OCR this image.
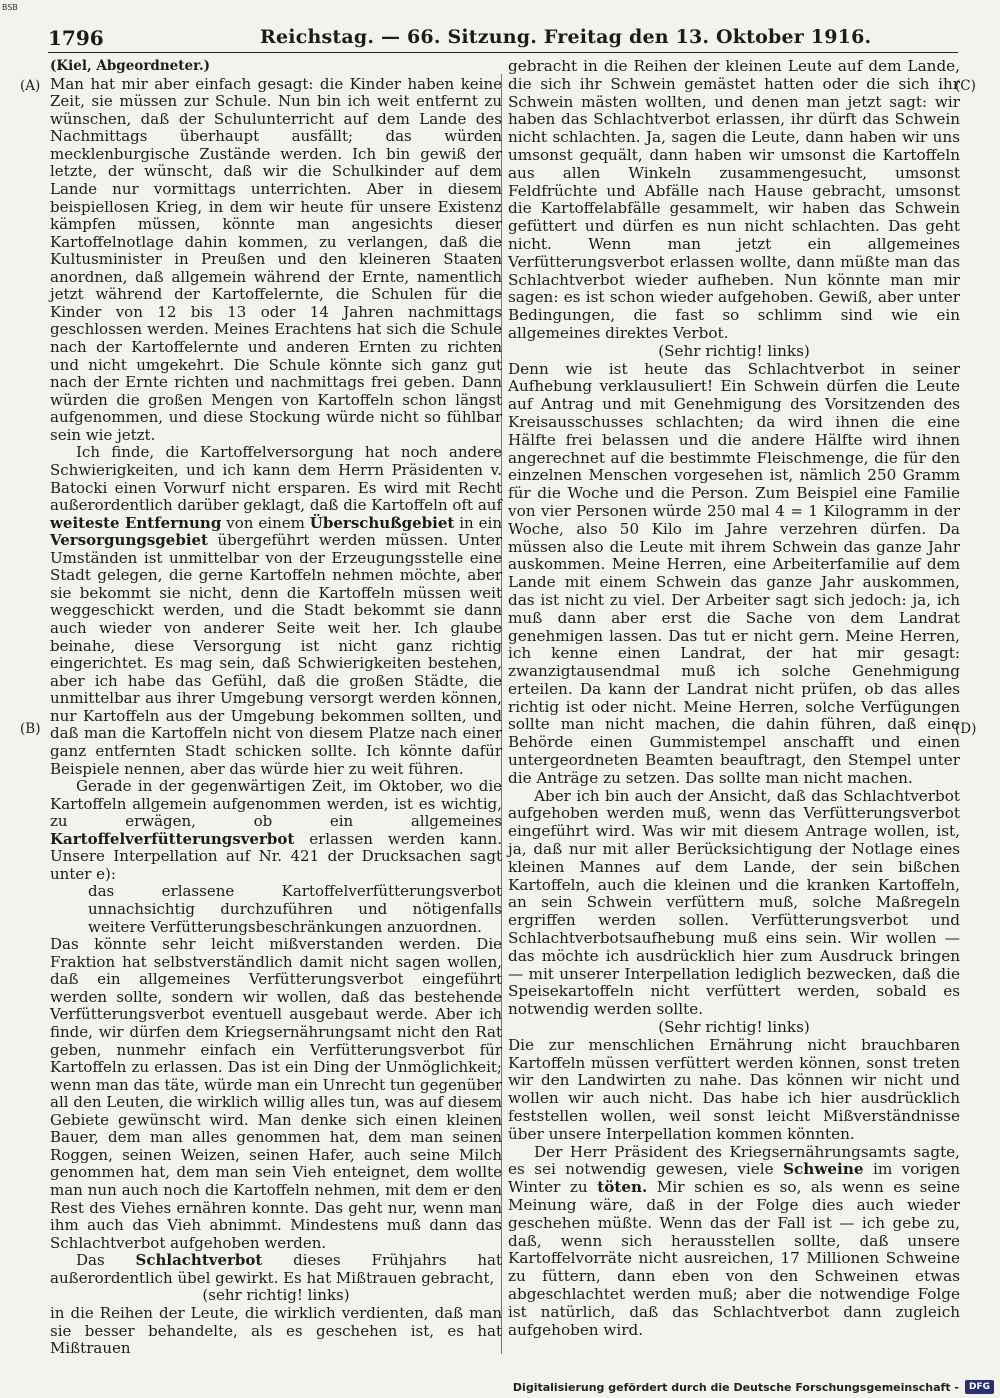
BSB
1796	Reichstag. — 66. Sitzung. Freitag den 13. Oktober 1916.
(A)
(B)
(C)
(D)

(Kiel, Abgeordneter.)

Man hat mir aber einfach gesagt: die Kinder haben keine Zeit, sie müssen zur Schule. Nun bin ich weit entfernt zu wünschen, daß der Schulunterricht auf dem Lande des Nachmittags überhaupt ausfällt; das würden mecklenburgische Zustände werden. Ich bin gewiß der letzte, der wünscht, daß wir die Schulkinder auf dem Lande nur vormittags unterrichten. Aber in diesem beispiellosen Krieg, in dem wir heute für unsere Existenz kämpfen müssen, könnte man angesichts dieser Kartoffelnotlage dahin kommen, zu verlangen, daß die Kultusminister in Preußen und den kleineren Staaten anordnen, daß allgemein während der Ernte, namentlich jetzt während der Kartoffelernte, die Schulen für die Kinder von 12 bis 13 oder 14 Jahren nachmittags geschlossen werden. Meines Erachtens hat sich die Schule nach der Kartoffelernte und anderen Ernten zu richten und nicht umgekehrt. Die Schule könnte sich ganz gut nach der Ernte richten und nachmittags frei geben. Dann würden die großen Mengen von Kartoffeln schon längst aufgenommen, und diese Stockung würde nicht so fühlbar sein wie jetzt.

Ich finde, die Kartoffelversorgung hat noch andere Schwierigkeiten, und ich kann dem Herrn Präsidenten v. Batocki einen Vorwurf nicht ersparen. Es wird mit Recht außerordentlich darüber geklagt, daß die Kartoffeln oft auf weiteste Entfernung von einem Überschußgebiet in ein Versorgungsgebiet übergeführt werden müssen. Unter Umständen ist unmittelbar von der Erzeugungsstelle eine Stadt gelegen, die gerne Kartoffeln nehmen möchte, aber sie bekommt sie nicht, denn die Kartoffeln müssen weit weggeschickt werden, und die Stadt bekommt sie dann auch wieder von anderer Seite weit her. Ich glaube beinahe, diese Versorgung ist nicht ganz richtig eingerichtet. Es mag sein, daß Schwierigkeiten bestehen, aber ich habe das Gefühl, daß die großen Städte, die unmittelbar aus ihrer Umgebung versorgt werden können, nur Kartoffeln aus der Umgebung bekommen sollten, und daß man die Kartoffeln nicht von diesem Platze nach einer ganz entfernten Stadt schicken sollte. Ich könnte dafür Beispiele nennen, aber das würde hier zu weit führen.

Gerade in der gegenwärtigen Zeit, im Oktober, wo die Kartoffeln allgemein aufgenommen werden, ist es wichtig, zu erwägen, ob ein allgemeines Kartoffelverfütterungsverbot erlassen werden kann. Unsere Interpellation auf Nr. 421 der Drucksachen sagt unter e):

das erlassene Kartoffelverfütterungsverbot unnachsichtig durchzuführen und nötigenfalls weitere Verfütterungsbeschränkungen anzuordnen.

Das könnte sehr leicht mißverstanden werden. Die Fraktion hat selbstverständlich damit nicht sagen wollen, daß ein allgemeines Verfütterungsverbot eingeführt werden sollte, sondern wir wollen, daß das bestehende Verfütterungsverbot eventuell ausgebaut werde. Aber ich finde, wir dürfen dem Kriegsernährungsamt nicht den Rat geben, nunmehr einfach ein Verfütterungsverbot für Kartoffeln zu erlassen. Das ist ein Ding der Unmöglichkeit; wenn man das täte, würde man ein Unrecht tun gegenüber all den Leuten, die wirklich willig alles tun, was auf diesem Gebiete gewünscht wird. Man denke sich einen kleinen Bauer, dem man alles genommen hat, dem man seinen Roggen, seinen Weizen, seinen Hafer, auch seine Milch genommen hat, dem man sein Vieh enteignet, dem wollte man nun auch noch die Kartoffeln nehmen, mit dem er den Rest des Viehes ernähren konnte. Das geht nur, wenn man ihm auch das Vieh abnimmt. Mindestens muß dann das Schlachtverbot aufgehoben werden.

Das Schlachtverbot dieses Frühjahrs hat außerordentlich übel gewirkt. Es hat Mißtrauen gebracht,

(sehr richtig! links)

in die Reihen der Leute, die wirklich verdienten, daß man sie besser behandelte, als es geschehen ist, es hat Mißtrauen

gebracht in die Reihen der kleinen Leute auf dem Lande, die sich ihr Schwein gemästet hatten oder die sich ihr Schwein mästen wollten, und denen man jetzt sagt: wir haben das Schlachtverbot erlassen, ihr dürft das Schwein nicht schlachten. Ja, sagen die Leute, dann haben wir uns umsonst gequält, dann haben wir umsonst die Kartoffeln aus allen Winkeln zusammengesucht, umsonst Feldfrüchte und Abfälle nach Hause gebracht, umsonst die Kartoffelabfälle gesammelt, wir haben das Schwein gefüttert und dürfen es nun nicht schlachten. Das geht nicht. Wenn man jetzt ein allgemeines Verfütterungsverbot erlassen wollte, dann müßte man das Schlachtverbot wieder aufheben. Nun könnte man mir sagen: es ist schon wieder aufgehoben. Gewiß, aber unter Bedingungen, die fast so schlimm sind wie ein allgemeines direktes Verbot.

(Sehr richtig! links)

Denn wie ist heute das Schlachtverbot in seiner Aufhebung verklausuliert! Ein Schwein dürfen die Leute auf Antrag und mit Genehmigung des Vorsitzenden des Kreisausschusses schlachten; da wird ihnen die eine Hälfte frei belassen und die andere Hälfte wird ihnen angerechnet auf die bestimmte Fleischmenge, die für den einzelnen Menschen vorgesehen ist, nämlich 250 Gramm für die Woche und die Person. Zum Beispiel eine Familie von vier Personen würde 250 mal 4 = 1 Kilogramm in der Woche, also 50 Kilo im Jahre verzehren dürfen. Da müssen also die Leute mit ihrem Schwein das ganze Jahr auskommen. Meine Herren, eine Arbeiterfamilie auf dem Lande mit einem Schwein das ganze Jahr auskommen, das ist nicht zu viel. Der Arbeiter sagt sich jedoch: ja, ich muß dann aber erst die Sache von dem Landrat genehmigen lassen. Das tut er nicht gern. Meine Herren, ich kenne einen Landrat, der hat mir gesagt: zwanzigtausendmal muß ich solche Genehmigung erteilen. Da kann der Landrat nicht prüfen, ob das alles richtig ist oder nicht. Meine Herren, solche Verfügungen sollte man nicht machen, die dahin führen, daß eine Behörde einen Gummistempel anschafft und einen untergeordneten Beamten beauftragt, den Stempel unter die Anträge zu setzen. Das sollte man nicht machen.

Aber ich bin auch der Ansicht, daß das Schlachtverbot aufgehoben werden muß, wenn das Verfütterungsverbot eingeführt wird. Was wir mit diesem Antrage wollen, ist, ja, daß nur mit aller Berücksichtigung der Notlage eines kleinen Mannes auf dem Lande, der sein bißchen Kartoffeln, auch die kleinen und die kranken Kartoffeln, an sein Schwein verfüttern muß, solche Maßregeln ergriffen werden sollen. Verfütterungsverbot und Schlachtverbotsaufhebung muß eins sein. Wir wollen — das möchte ich ausdrücklich hier zum Ausdruck bringen — mit unserer Interpellation lediglich bezwecken, daß die Speisekartoffeln nicht verfüttert werden, sobald es notwendig werden sollte.

(Sehr richtig! links)

Die zur menschlichen Ernährung nicht brauchbaren Kartoffeln müssen verfüttert werden können, sonst treten wir den Landwirten zu nahe. Das können wir nicht und wollen wir auch nicht. Das habe ich hier ausdrücklich feststellen wollen, weil sonst leicht Mißverständnisse über unsere Interpellation kommen könnten.

Der Herr Präsident des Kriegsernährungsamts sagte, es sei notwendig gewesen, viele Schweine im vorigen Winter zu töten. Mir schien es so, als wenn es seine Meinung wäre, daß in der Folge dies auch wieder geschehen müßte. Wenn das der Fall ist — ich gebe zu, daß, wenn sich herausstellen sollte, daß unsere Kartoffelvorräte nicht ausreichen, 17 Millionen Schweine zu füttern, dann eben von den Schweinen etwas abgeschlachtet werden muß; aber die notwendige Folge ist natürlich, daß das Schlachtverbot dann zugleich aufgehoben wird.

Digitalisierung gefördert durch die Deutsche Forschungsgemeinschaft -	DFG
